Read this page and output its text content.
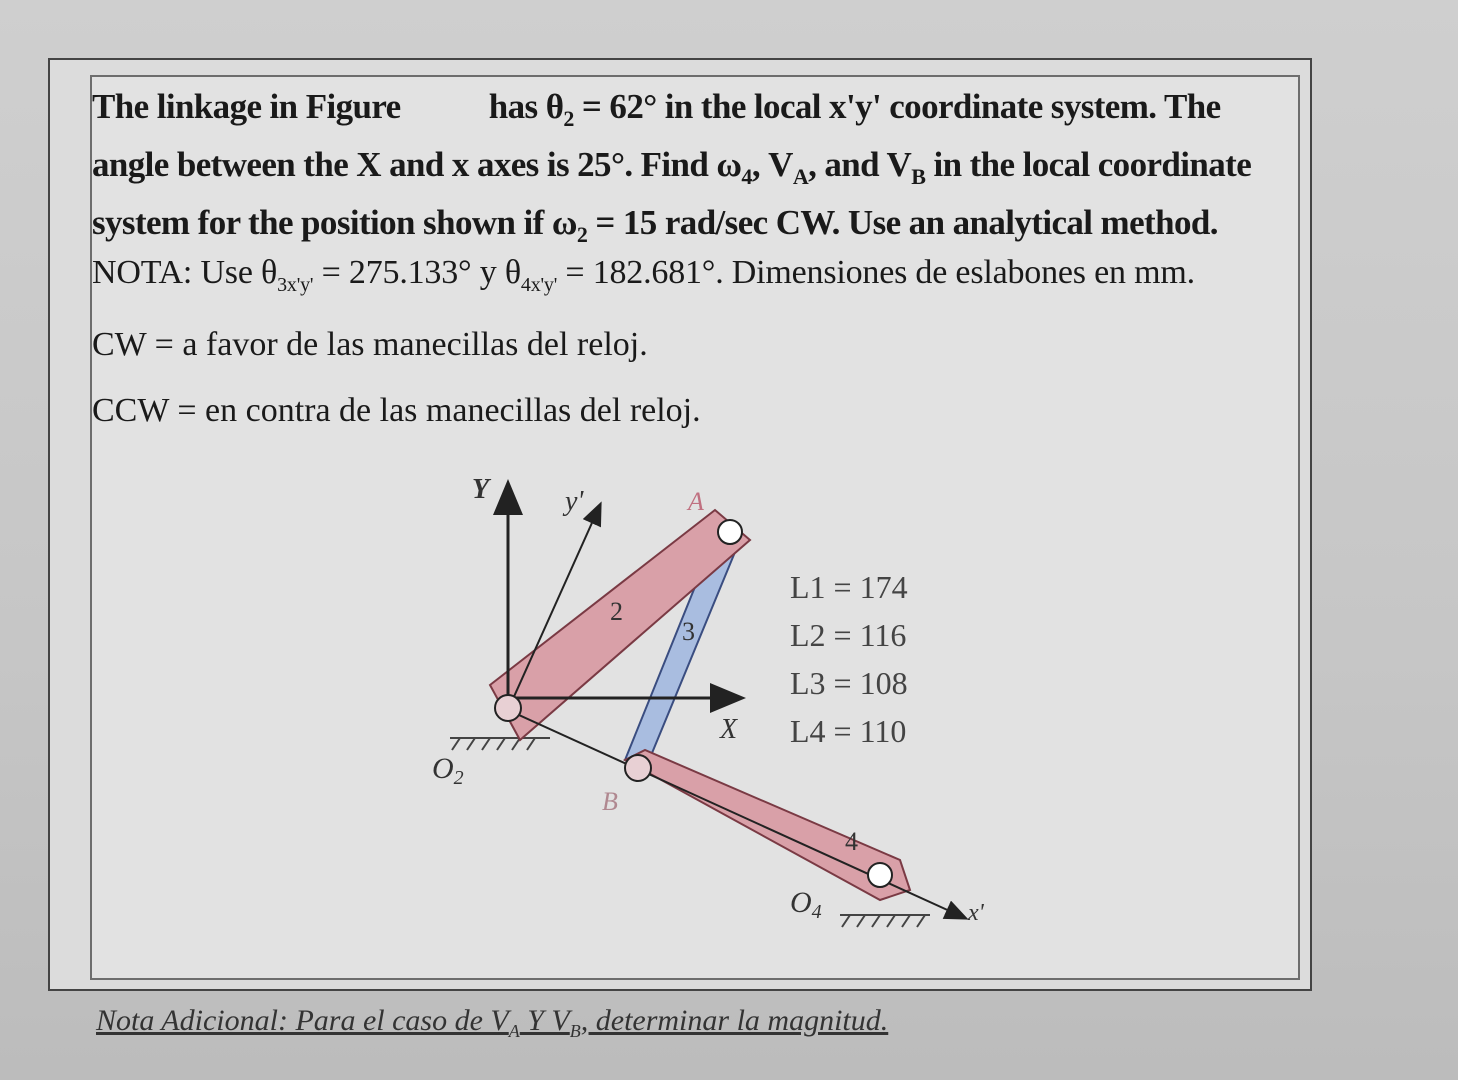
The linkage in Figure has $\theta_2 = 62^\circ$ in the local x'y' coordinate system. The angle between the X and x axes is 25°. Find $\omega_4$, $V_A$, and $V_B$ in the local coordinate system for the position shown if $\omega_2 = 15$ rad/sec CW. Use an analytical method.

NOTA: Use $\theta_{3x'y'} = 275.133^\circ$ y $\theta_{4x'y'} = 182.681^\circ$. Dimensiones de eslabones en mm.

CW = a favor de las manecillas del reloj.

CCW = en contra de las manecillas del reloj.

Y	y'	A
2
3
X
$O_2$
B
4
$O_4$	x'
L1 = 174
L2 = 116
L3 = 108
L4 = 110
Nota Adicional: Para el caso de $V_A$ Y $V_B$, determinar la magnitud.
